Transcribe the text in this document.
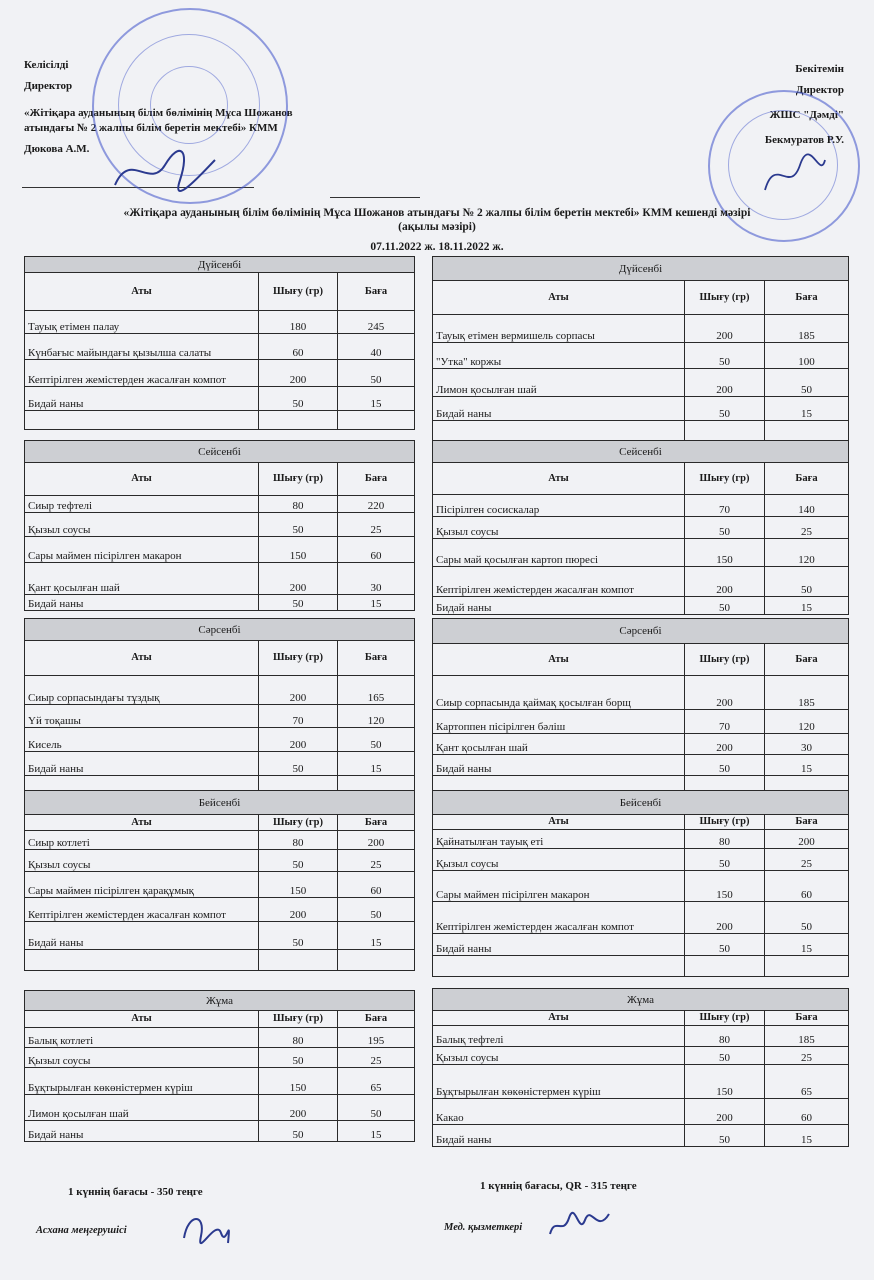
Келісілді
Директор
«Жітіқара ауданының білім бөлімінің Мұса Шожанов
атындағы № 2 жалпы білім беретін мектебі» КММ
Дюкова А.М.
Бекітемін
Директор
ЖШС "Дәмді"
Бекмуратов Р.У.
«Жітіқара ауданының білім бөлімінің Мұса Шожанов атындағы № 2 жалпы білім беретін мектебі» КММ кешенді мәзірі
(ақылы мәзірі)
07.11.2022 ж. 18.11.2022 ж.
Дүйсенбі		
Аты	Шығу (гр)	Баға
Тауық етімен палау	180	245
Күнбағыс майындағы қызылша салаты	60	40
Кептірілген жемістерден жасалған компот	200	50
Бидай наны	50	15

Сейсенбі		
Аты	Шығу (гр)	Баға
Сиыр тефтелі	80	220
Қызыл соусы	50	25
Сары маймен пісірілген макарон	150	60
Қант қосылған шай	200	30
Бидай наны	50	15
Сәрсенбі		
Аты	Шығу (гр)	Баға
Сиыр сорпасындағы тұздық	200	165
Үй тоқашы	70	120
Кисель	200	50
Бидай наны	50	15

Бейсенбі		
Аты	Шығу (гр)	Баға
Сиыр котлеті	80	200
Қызыл соусы	50	25
Сары маймен пісірілген қарақұмық	150	60
Кептірілген жемістерден жасалған компот	200	50
Бидай наны	50	15

Жұма		
Аты	Шығу (гр)	Баға
Балық котлеті	80	195
Қызыл соусы	50	25
Бұқтырылған көкөністермен күріш	150	65
Лимон қосылған шай	200	50
Бидай наны	50	15
Дүйсенбі		
Аты	Шығу (гр)	Баға
Тауық етімен вермишель сорпасы	200	185
"Утка" коржы	50	100
Лимон қосылған шай	200	50
Бидай наны	50	15

Сейсенбі		
Аты	Шығу (гр)	Баға
Пісірілген сосискалар	70	140
Қызыл соусы	50	25
Сары май қосылған картоп пюресі	150	120
Кептірілген жемістерден жасалған компот	200	50
Бидай наны	50	15
Сәрсенбі		
Аты	Шығу (гр)	Баға
Сиыр сорпасында қаймақ қосылған борщ	200	185
Картоппен пісірілген бәліш	70	120
Қант қосылған шай	200	30
Бидай наны	50	15

Бейсенбі		
Аты	Шығу (гр)	Баға
Қайнатылған тауық еті	80	200
Қызыл соусы	50	25
Сары маймен пісірілген макарон	150	60
Кептірілген жемістерден жасалған компот	200	50
Бидай наны	50	15

Жұма		
Аты	Шығу (гр)	Баға
Балық тефтелі	80	185
Қызыл соусы	50	25
Бұқтырылған көкөністермен күріш	150	65
Какао	200	60
Бидай наны	50	15
1 күннің бағасы - 350 теңге	1 күннің бағасы, QR - 315 теңге
Асхана меңгерушісі	Мед. қызметкері
